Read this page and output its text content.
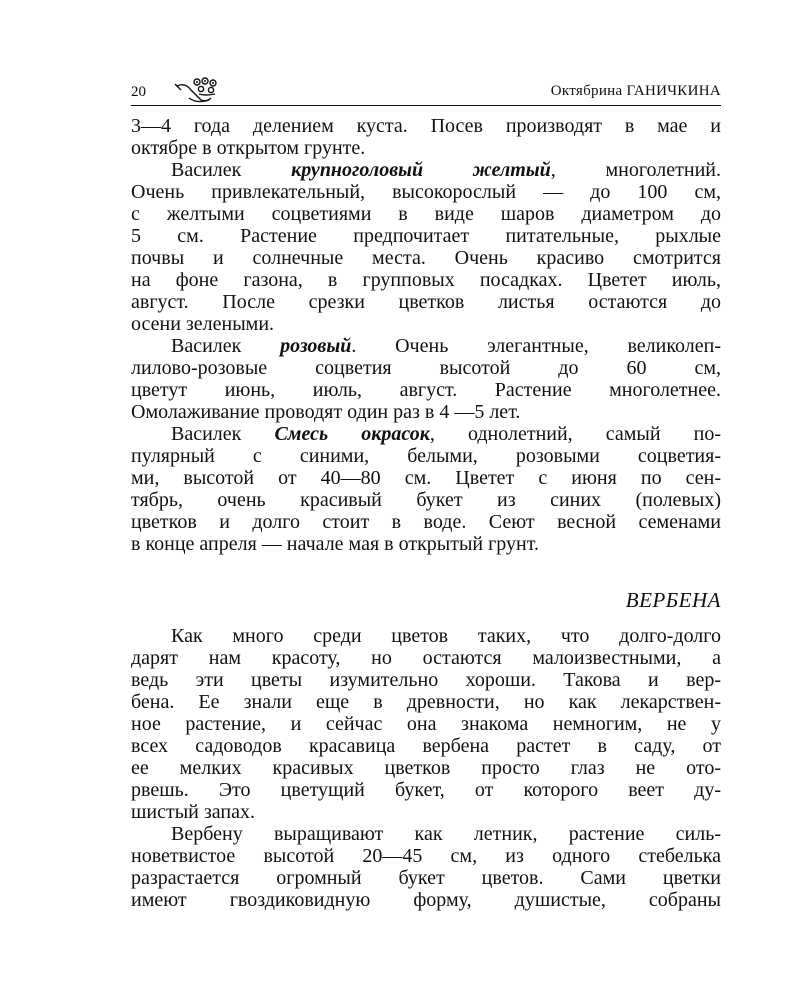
20	Октябрина ГАНИЧКИНА
3—4 года делением куста. Посев производят в мае и
октябре в открытом грунте.
Василек крупноголовый желтый, многолетний.
Очень привлекательный, высокорослый — до 100 см,
с желтыми соцветиями в виде шаров диаметром до
5 см. Растение предпочитает питательные, рыхлые
почвы и солнечные места. Очень красиво смотрится
на фоне газона, в групповых посадках. Цветет июль,
август. После срезки цветков листья остаются до
осени зелеными.
Василек розовый. Очень элегантные, великолеп-
лилово-розовые соцветия высотой до 60 см,
цветут июнь, июль, август. Растение многолетнее.
Омолаживание проводят один раз в 4 —5 лет.
Василек Смесь окрасок, однолетний, самый по-
пулярный с синими, белыми, розовыми соцветия-
ми, высотой от 40—80 см. Цветет с июня по сен-
тябрь, очень красивый букет из синих (полевых)
цветков и долго стоит в воде. Сеют весной семенами
в конце апреля — начале мая в открытый грунт.
ВЕРБЕНА
Как много среди цветов таких, что долго-долго
дарят нам красоту, но остаются малоизвестными, а
ведь эти цветы изумительно хороши. Такова и вер-
бена. Ее знали еще в древности, но как лекарствен-
ное растение, и сейчас она знакома немногим, не у
всех садоводов красавица вербена растет в саду, от
ее мелких красивых цветков просто глаз не ото-
рвешь. Это цветущий букет, от которого веет ду-
шистый запах.
Вербену выращивают как летник, растение силь-
новетвистое высотой 20—45 см, из одного стебелька
разрастается огромный букет цветов. Сами цветки
имеют гвоздиковидную форму, душистые, собраны
